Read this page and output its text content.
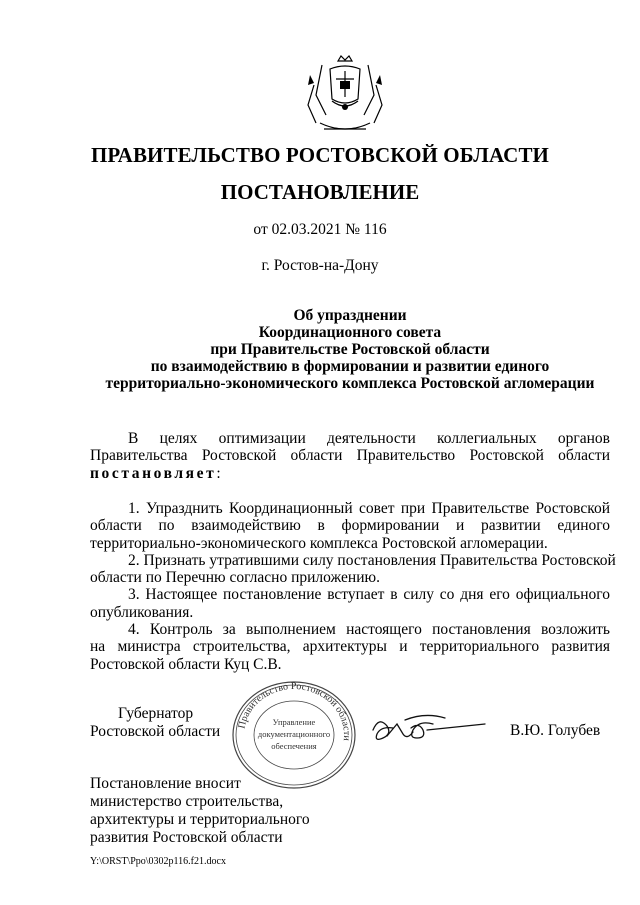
ПРАВИТЕЛЬСТВО РОСТОВСКОЙ ОБЛАСТИ
ПОСТАНОВЛЕНИЕ
от 02.03.2021 № 116
г. Ростов-на-Дону
Об упразднении
Координационного совета
при Правительстве Ростовской области
по взаимодействию в формировании и развитии единого
территориально-экономического комплекса Ростовской агломерации
В целях оптимизации деятельности коллегиальных органов
Правительства Ростовской области Правительство Ростовской области
постановляет:
1. Упразднить Координационный совет при Правительстве Ростовской
области по взаимодействию в формировании и развитии единого
территориально-экономического комплекса Ростовской агломерации.
2. Признать утратившими силу постановления Правительства Ростовской
области по Перечню согласно приложению.
3. Настоящее постановление вступает в силу со дня его официального
опубликования.
4. Контроль за выполнением настоящего постановления возложить
на министра строительства, архитектуры и территориального развития
Ростовской области Куц С.В.
Губернатор
Ростовской области Правительство Ростовской области
Управление
документационного
обеспечения
В.Ю. Голубев
Постановление вносит
министерство строительства,
архитектуры и территориального
развития Ростовской области
Y:\ORST\Ppo\0302p116.f21.docx
